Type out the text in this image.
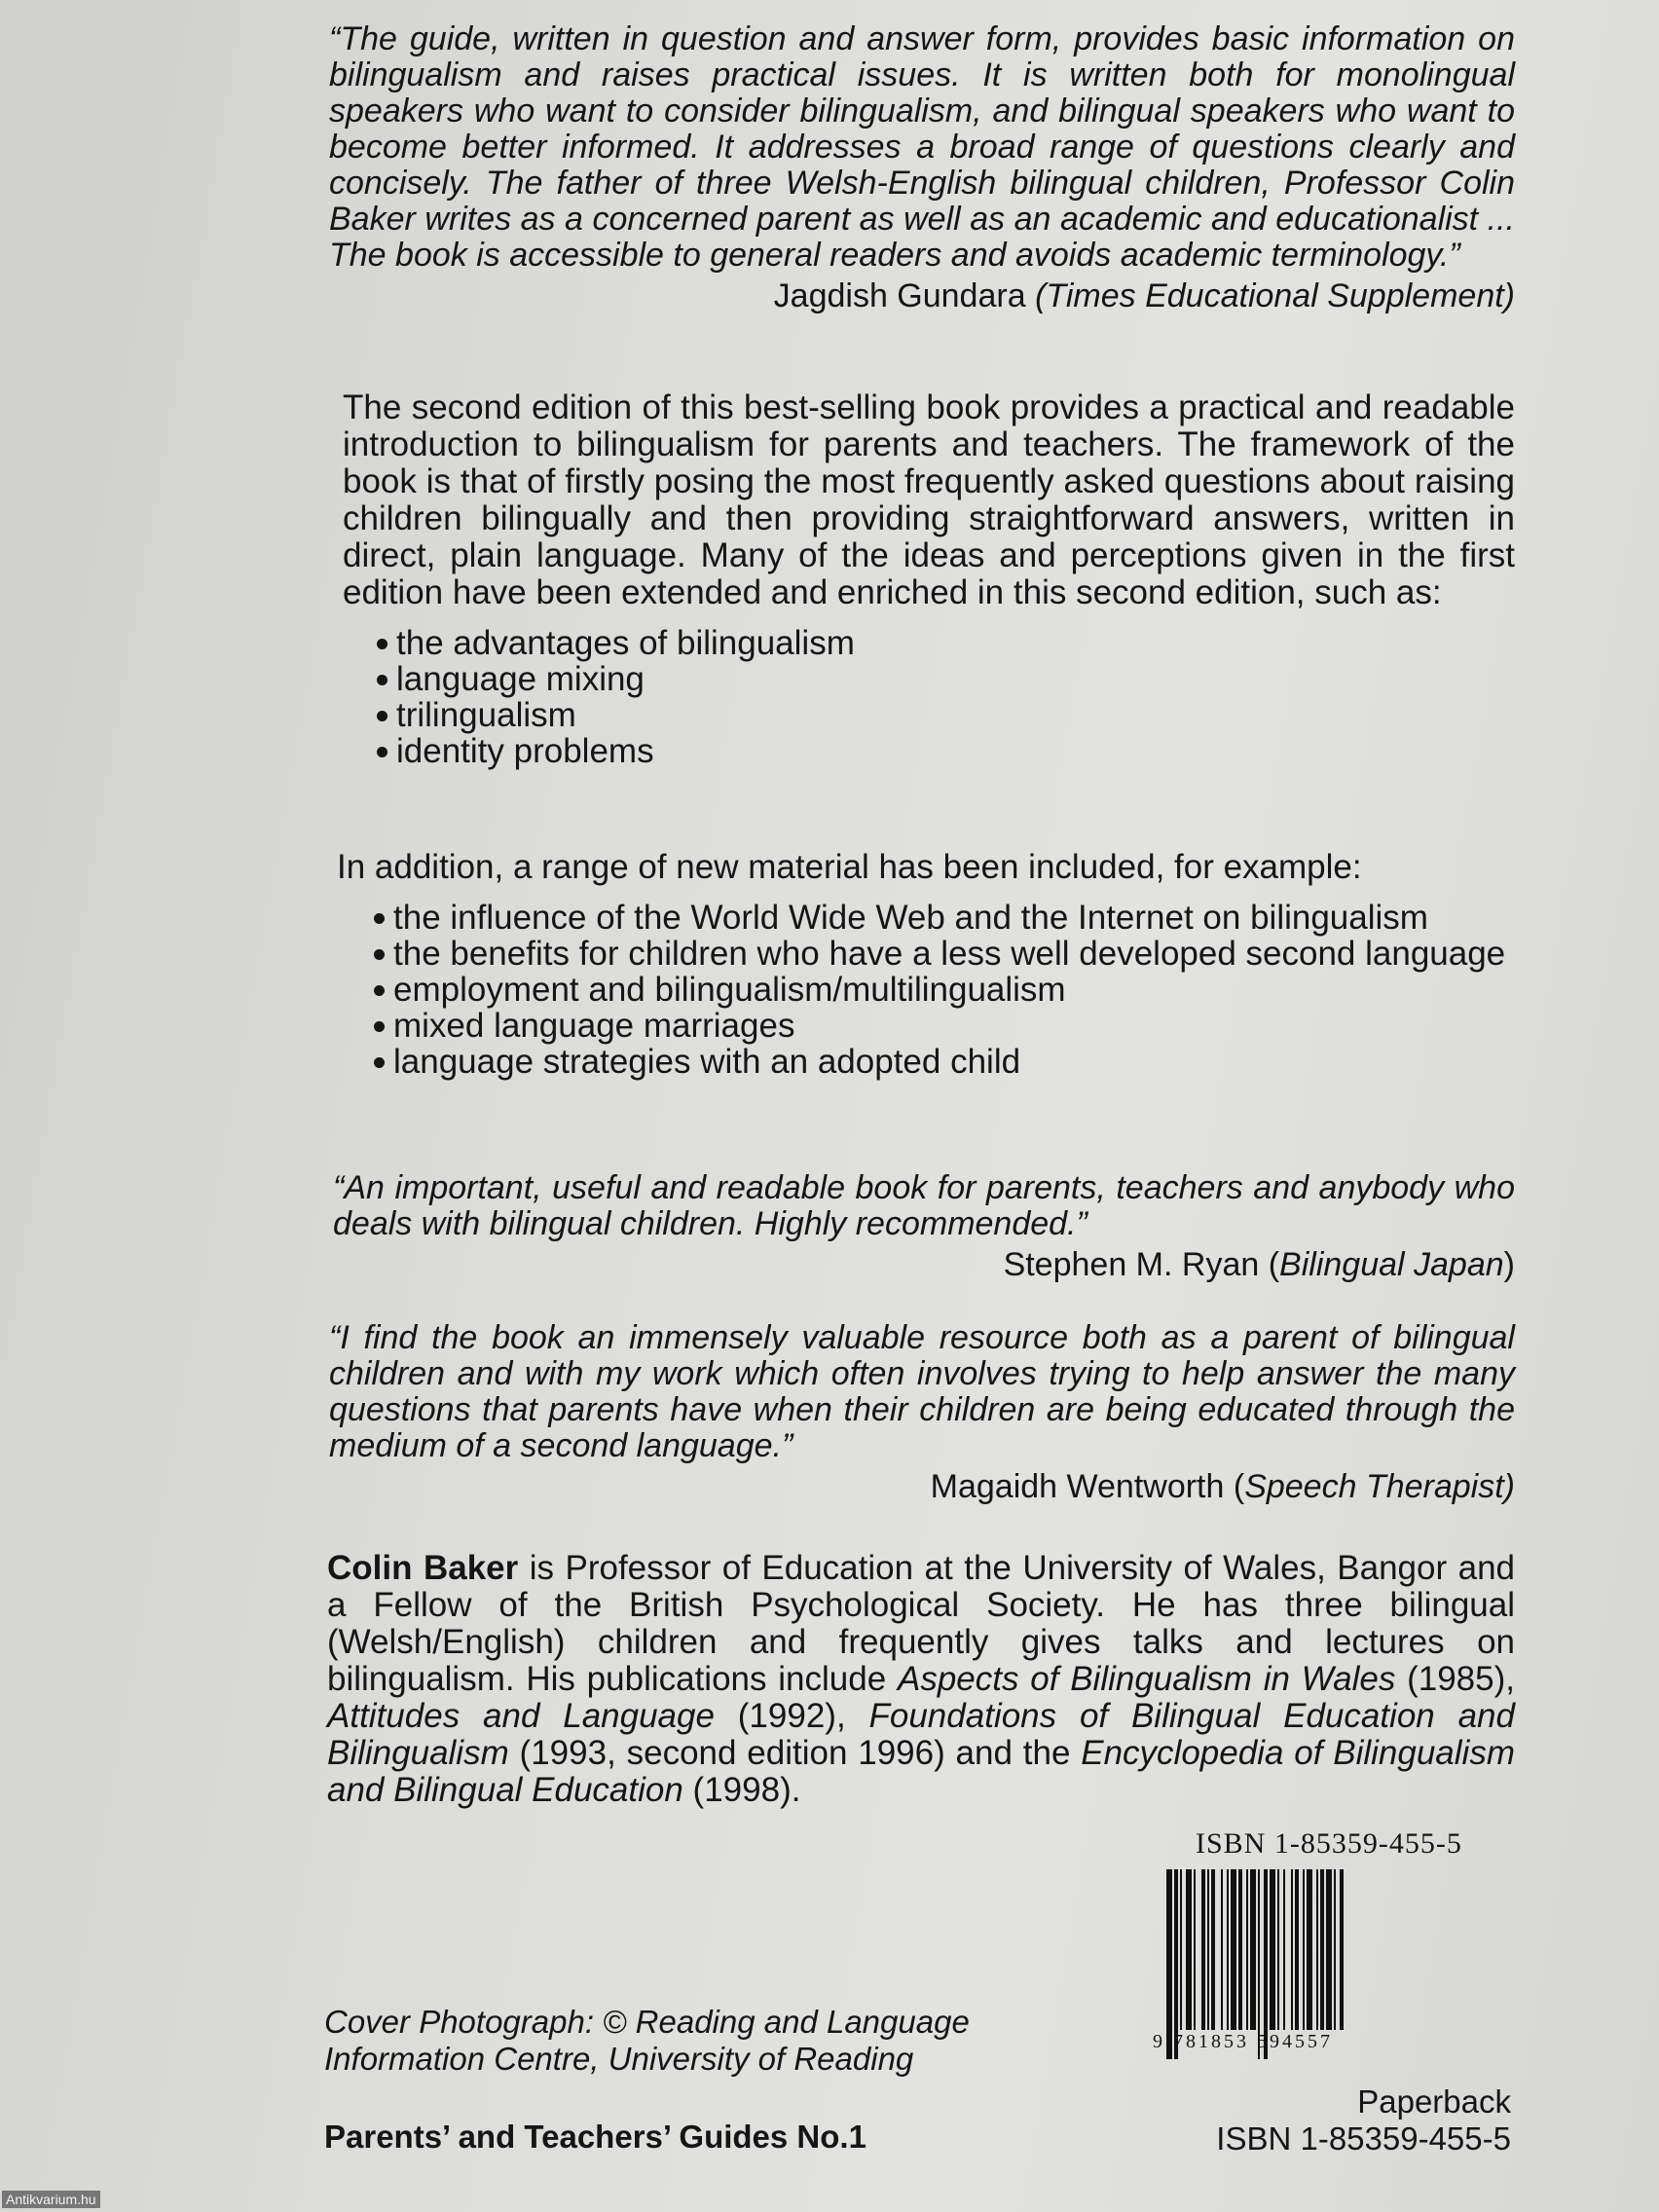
“The guide, written in question and answer form, provides basic information on bilingualism and raises practical issues. It is written both for monolingual speakers who want to consider bilingualism, and bilingual speakers who want to become better informed. It addresses a broad range of questions clearly and concisely. The father of three Welsh-English bilingual children, Professor Colin Baker writes as a concerned parent as well as an academic and educationalist ... The book is accessible to general readers and avoids academic terminology.”

Jagdish Gundara (Times Educational Supplement)

The second edition of this best-selling book provides a practical and readable introduction to bilingualism for parents and teachers. The framework of the book is that of firstly posing the most frequently asked questions about raising children bilingually and then providing straightforward answers, written in direct, plain language. Many of the ideas and perceptions given in the first edition have been extended and enriched in this second edition, such as:

the advantages of bilingualism
language mixing
trilingualism
identity problems

In addition, a range of new material has been included, for example:

the influence of the World Wide Web and the Internet on bilingualism
the benefits for children who have a less well developed second language
employment and bilingualism/multilingualism
mixed language marriages
language strategies with an adopted child

“An important, useful and readable book for parents, teachers and anybody who deals with bilingual children. Highly recommended.”

Stephen M. Ryan (Bilingual Japan)

“I find the book an immensely valuable resource both as a parent of bilingual children and with my work which often involves trying to help answer the many questions that parents have when their children are being educated through the medium of a second language.”

Magaidh Wentworth (Speech Therapist)

Colin Baker is Professor of Education at the University of Wales, Bangor and a Fellow of the British Psychological Society. He has three bilingual (Welsh/English) children and frequently gives talks and lectures on bilingualism. His publications include Aspects of Bilingualism in Wales (1985), Attitudes and Language (1992), Foundations of Bilingual Education and Bilingualism (1993, second edition 1996) and the Encyclopedia of Bilingualism and Bilingual Education (1998).

ISBN 1-85359-455-5
9 781853 594557
Cover Photograph: © Reading and Language
Information Centre, University of Reading
Parents’ and Teachers’ Guides No.1
Paperback
ISBN 1-85359-455-5
Antikvarium.hu
